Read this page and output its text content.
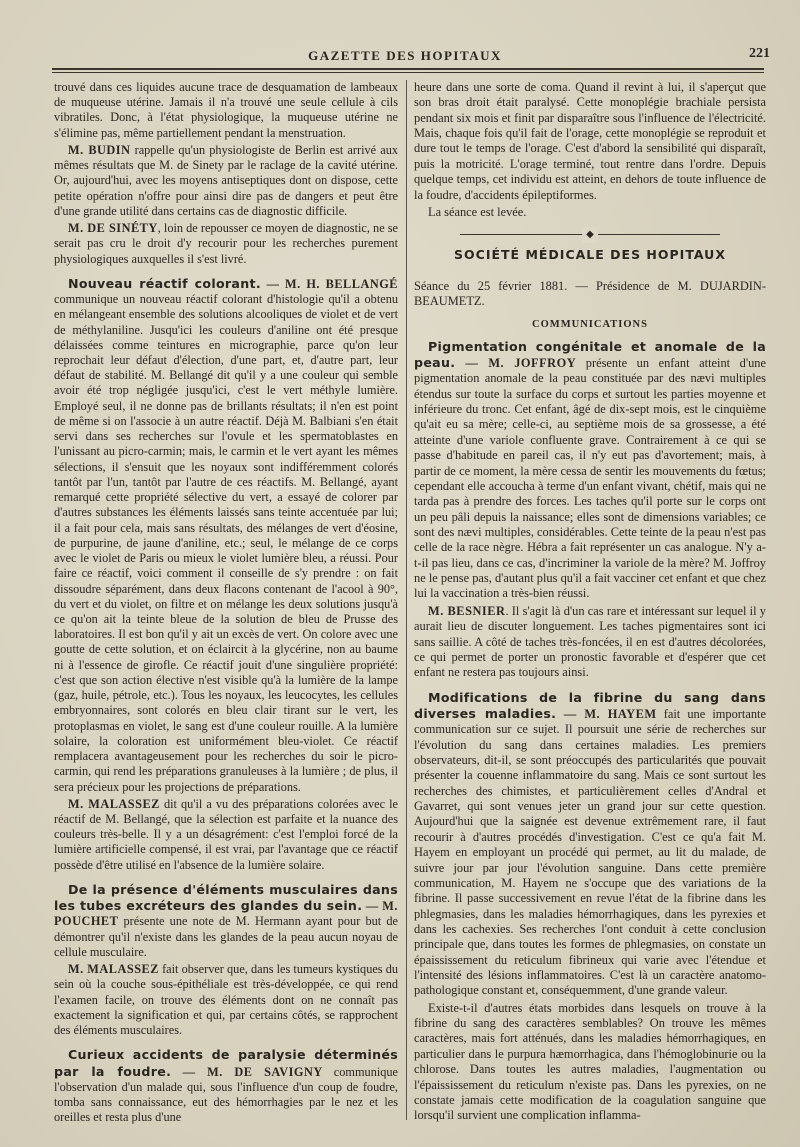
GAZETTE DES HOPITAUX	221

trouvé dans ces liquides aucune trace de desquamation de lambeaux de muqueuse utérine. Jamais il n'a trouvé une seule cellule à cils vibratiles. Donc, à l'état physiologique, la muqueuse utérine ne s'élimine pas, même partiellement pendant la menstruation.

M. BUDIN rappelle qu'un physiologiste de Berlin est arrivé aux mêmes résultats que M. de Sinety par le raclage de la cavité utérine. Or, aujourd'hui, avec les moyens antiseptiques dont on dispose, cette petite opération n'offre pour ainsi dire pas de dangers et peut être d'une grande utilité dans certains cas de diagnostic difficile.

M. DE SINÉTY, loin de repousser ce moyen de diagnostic, ne se serait pas cru le droit d'y recourir pour les recherches purement physiologiques auxquelles il s'est livré.

Nouveau réactif colorant. — M. H. BELLANGÉ communique un nouveau réactif colorant d'histologie qu'il a obtenu en mélangeant ensemble des solutions alcooliques de violet et de vert de méthylaniline. Jusqu'ici les couleurs d'aniline ont été presque délaissées comme teintures en micrographie, parce qu'on leur reprochait leur défaut d'élection, d'une part, et, d'autre part, leur défaut de stabilité. M. Bellangé dit qu'il y a une couleur qui semble avoir été trop négligée jusqu'ici, c'est le vert méthyle lumière. Employé seul, il ne donne pas de brillants résultats; il n'en est point de même si on l'associe à un autre réactif. Déjà M. Balbiani s'en était servi dans ses recherches sur l'ovule et les spermatoblastes en l'unissant au picro-carmin; mais, le carmin et le vert ayant les mêmes sélections, il s'ensuit que les noyaux sont indifféremment colorés tantôt par l'un, tantôt par l'autre de ces réactifs. M. Bellangé, ayant remarqué cette propriété sélective du vert, a essayé de colorer par d'autres substances les éléments laissés sans teinte accentuée par lui; il a fait pour cela, mais sans résultats, des mélanges de vert d'éosine, de purpurine, de jaune d'aniline, etc.; seul, le mélange de ce corps avec le violet de Paris ou mieux le violet lumière bleu, a réussi. Pour faire ce réactif, voici comment il conseille de s'y prendre : on fait dissoudre séparément, dans deux flacons contenant de l'acool à 90°, du vert et du violet, on filtre et on mélange les deux solutions jusqu'à ce qu'on ait la teinte bleue de la solution de bleu de Prusse des laboratoires. Il est bon qu'il y ait un excès de vert. On colore avec une goutte de cette solution, et on éclaircit à la glycérine, non au baume ni à l'essence de girofle. Ce réactif jouit d'une singulière propriété: c'est que son action élective n'est visible qu'à la lumière de la lampe (gaz, huile, pétrole, etc.). Tous les noyaux, les leucocytes, les cellules embryonnaires, sont colorés en bleu clair tirant sur le vert, les protoplasmas en violet, le sang est d'une couleur rouille. A la lumière solaire, la coloration est uniformément bleu-violet. Ce réactif remplacera avantageusement pour les recherches du soir le picro-carmin, qui rend les préparations granuleuses à la lumière ; de plus, il sera précieux pour les projections de préparations.

M. MALASSEZ dit qu'il a vu des préparations colorées avec le réactif de M. Bellangé, que la sélection est parfaite et la nuance des couleurs très-belle. Il y a un désagrément: c'est l'emploi forcé de la lumière artificielle compensé, il est vrai, par l'avantage que ce réactif possède d'être utilisé en l'absence de la lumière solaire.

De la présence d'éléments musculaires dans les tubes excréteurs des glandes du sein. — M. POUCHET présente une note de M. Hermann ayant pour but de démontrer qu'il n'existe dans les glandes de la peau aucun noyau de cellule musculaire.

M. MALASSEZ fait observer que, dans les tumeurs kystiques du sein où la couche sous-épithéliale est très-développée, ce qui rend l'examen facile, on trouve des éléments dont on ne connaît pas exactement la signification et qui, par certains côtés, se rapprochent des éléments musculaires.

Curieux accidents de paralysie déterminés par la foudre. — M. DE SAVIGNY communique l'observation d'un malade qui, sous l'influence d'un coup de foudre, tomba sans connaissance, eut des hémorrhagies par le nez et les oreilles et resta plus d'une

heure dans une sorte de coma. Quand il revint à lui, il s'aperçut que son bras droit était paralysé. Cette monoplégie brachiale persista pendant six mois et finit par disparaître sous l'influence de l'électricité. Mais, chaque fois qu'il fait de l'orage, cette monoplégie se reproduit et dure tout le temps de l'orage. C'est d'abord la sensibilité qui disparaît, puis la motricité. L'orage terminé, tout rentre dans l'ordre. Depuis quelque temps, cet individu est atteint, en dehors de toute influence de la foudre, d'accidents épileptiformes.

La séance est levée.

◆
SOCIÉTÉ MÉDICALE DES HOPITAUX

Séance du 25 février 1881. — Présidence de M. DUJARDIN-BEAUMETZ.

COMMUNICATIONS

Pigmentation congénitale et anomale de la peau. — M. JOFFROY présente un enfant atteint d'une pigmentation anomale de la peau constituée par des nævi multiples étendus sur toute la surface du corps et surtout les parties moyenne et inférieure du tronc. Cet enfant, âgé de dix-sept mois, est le cinquième qu'ait eu sa mère; celle-ci, au septième mois de sa grossesse, a été atteinte d'une variole confluente grave. Contrairement à ce qui se passe d'habitude en pareil cas, il n'y eut pas d'avortement; mais, à partir de ce moment, la mère cessa de sentir les mouvements du fœtus; cependant elle accoucha à terme d'un enfant vivant, chétif, mais qui ne tarda pas à prendre des forces. Les taches qu'il porte sur le corps ont un peu pâli depuis la naissance; elles sont de dimensions variables; ce sont des nævi multiples, considérables. Cette teinte de la peau n'est pas celle de la race nègre. Hébra a fait représenter un cas analogue. N'y a-t-il pas lieu, dans ce cas, d'incriminer la variole de la mère? M. Joffroy ne le pense pas, d'autant plus qu'il a fait vacciner cet enfant et que chez lui la vaccination a très-bien réussi.

M. BESNIER. Il s'agit là d'un cas rare et intéressant sur lequel il y aurait lieu de discuter longuement. Les taches pigmentaires sont ici sans saillie. A côté de taches très-foncées, il en est d'autres décolorées, ce qui permet de porter un pronostic favorable et d'espérer que cet enfant ne restera pas toujours ainsi.

Modifications de la fibrine du sang dans diverses maladies. — M. HAYEM fait une importante communication sur ce sujet. Il poursuit une série de recherches sur l'évolution du sang dans certaines maladies. Les premiers observateurs, dit-il, se sont préoccupés des particularités que pouvait présenter la couenne inflammatoire du sang. Mais ce sont surtout les recherches des chimistes, et particulièrement celles d'Andral et Gavarret, qui sont venues jeter un grand jour sur cette question. Aujourd'hui que la saignée est devenue extrêmement rare, il faut recourir à d'autres procédés d'investigation. C'est ce qu'a fait M. Hayem en employant un procédé qui permet, au lit du malade, de suivre jour par jour l'évolution sanguine. Dans cette première communication, M. Hayem ne s'occupe que des variations de la fibrine. Il passe successivement en revue l'état de la fibrine dans les phlegmasies, dans les maladies hémorrhagiques, dans les pyrexies et dans les cachexies. Ses recherches l'ont conduit à cette conclusion principale que, dans toutes les formes de phlegmasies, on constate un épaississement du reticulum fibrineux qui varie avec l'étendue et l'intensité des lésions inflammatoires. C'est là un caractère anatomo-pathologique constant et, conséquemment, d'une grande valeur.

Existe-t-il d'autres états morbides dans lesquels on trouve à la fibrine du sang des caractères semblables? On trouve les mêmes caractères, mais fort atténués, dans les maladies hémorrhagiques, en particulier dans le purpura hæmorrhagica, dans l'hémoglobinurie ou la chlorose. Dans toutes les autres maladies, l'augmentation ou l'épaississement du reticulum n'existe pas. Dans les pyrexies, on ne constate jamais cette modification de la coagulation sanguine que lorsqu'il survient une complication inflamma-
